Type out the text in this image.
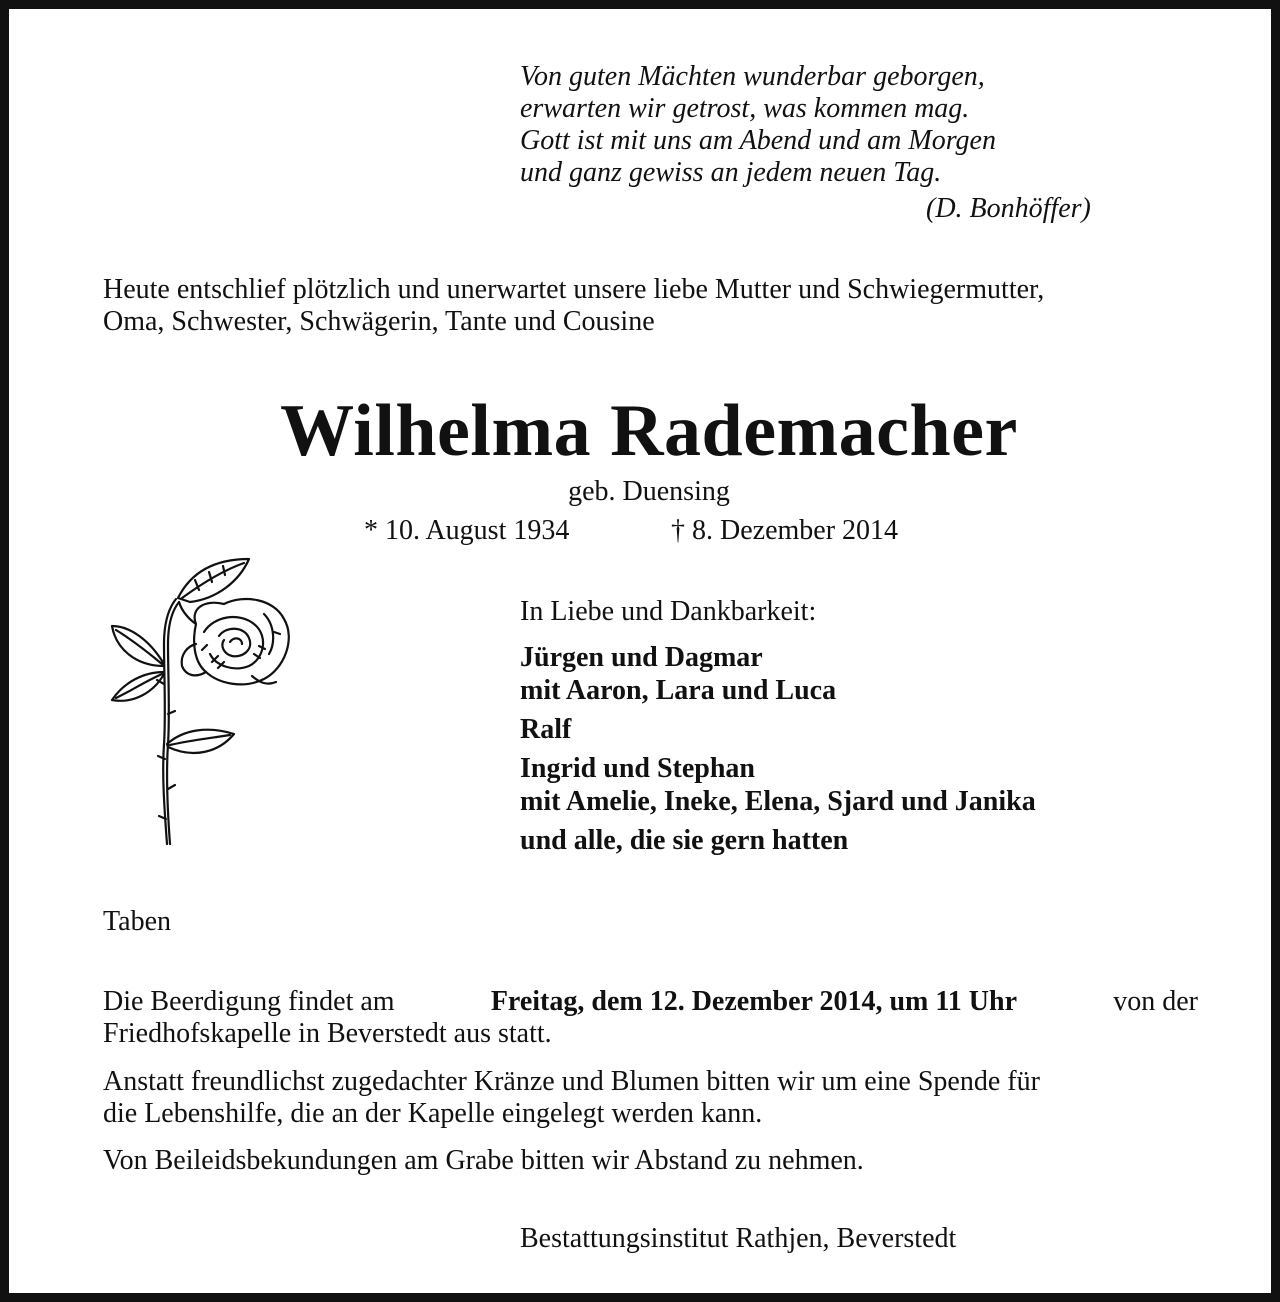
Von guten Mächten wunderbar geborgen,
erwarten wir getrost, was kommen mag.
Gott ist mit uns am Abend und am Morgen
und ganz gewiss an jedem neuen Tag.
(D. Bonhöffer)
Heute entschlief plötzlich und unerwartet unsere liebe Mutter und Schwiegermutter,
Oma, Schwester, Schwägerin, Tante und Cousine
Wilhelma Rademacher
geb. Duensing
* 10. August 1934	† 8. Dezember 2014
In Liebe und Dankbarkeit:
Jürgen und Dagmar
mit Aaron, Lara und Luca
Ralf
Ingrid und Stephan
mit Amelie, Ineke, Elena, Sjard und Janika
und alle, die sie gern hatten
Taben
Die Beerdigung findet am	Freitag, dem 12. Dezember 2014, um 11 Uhr	von der
Friedhofskapelle in Beverstedt aus statt.
Anstatt freundlichst zugedachter Kränze und Blumen bitten wir um eine Spende für
die Lebenshilfe, die an der Kapelle eingelegt werden kann.
Von Beileidsbekundungen am Grabe bitten wir Abstand zu nehmen.
Bestattungsinstitut Rathjen, Beverstedt
